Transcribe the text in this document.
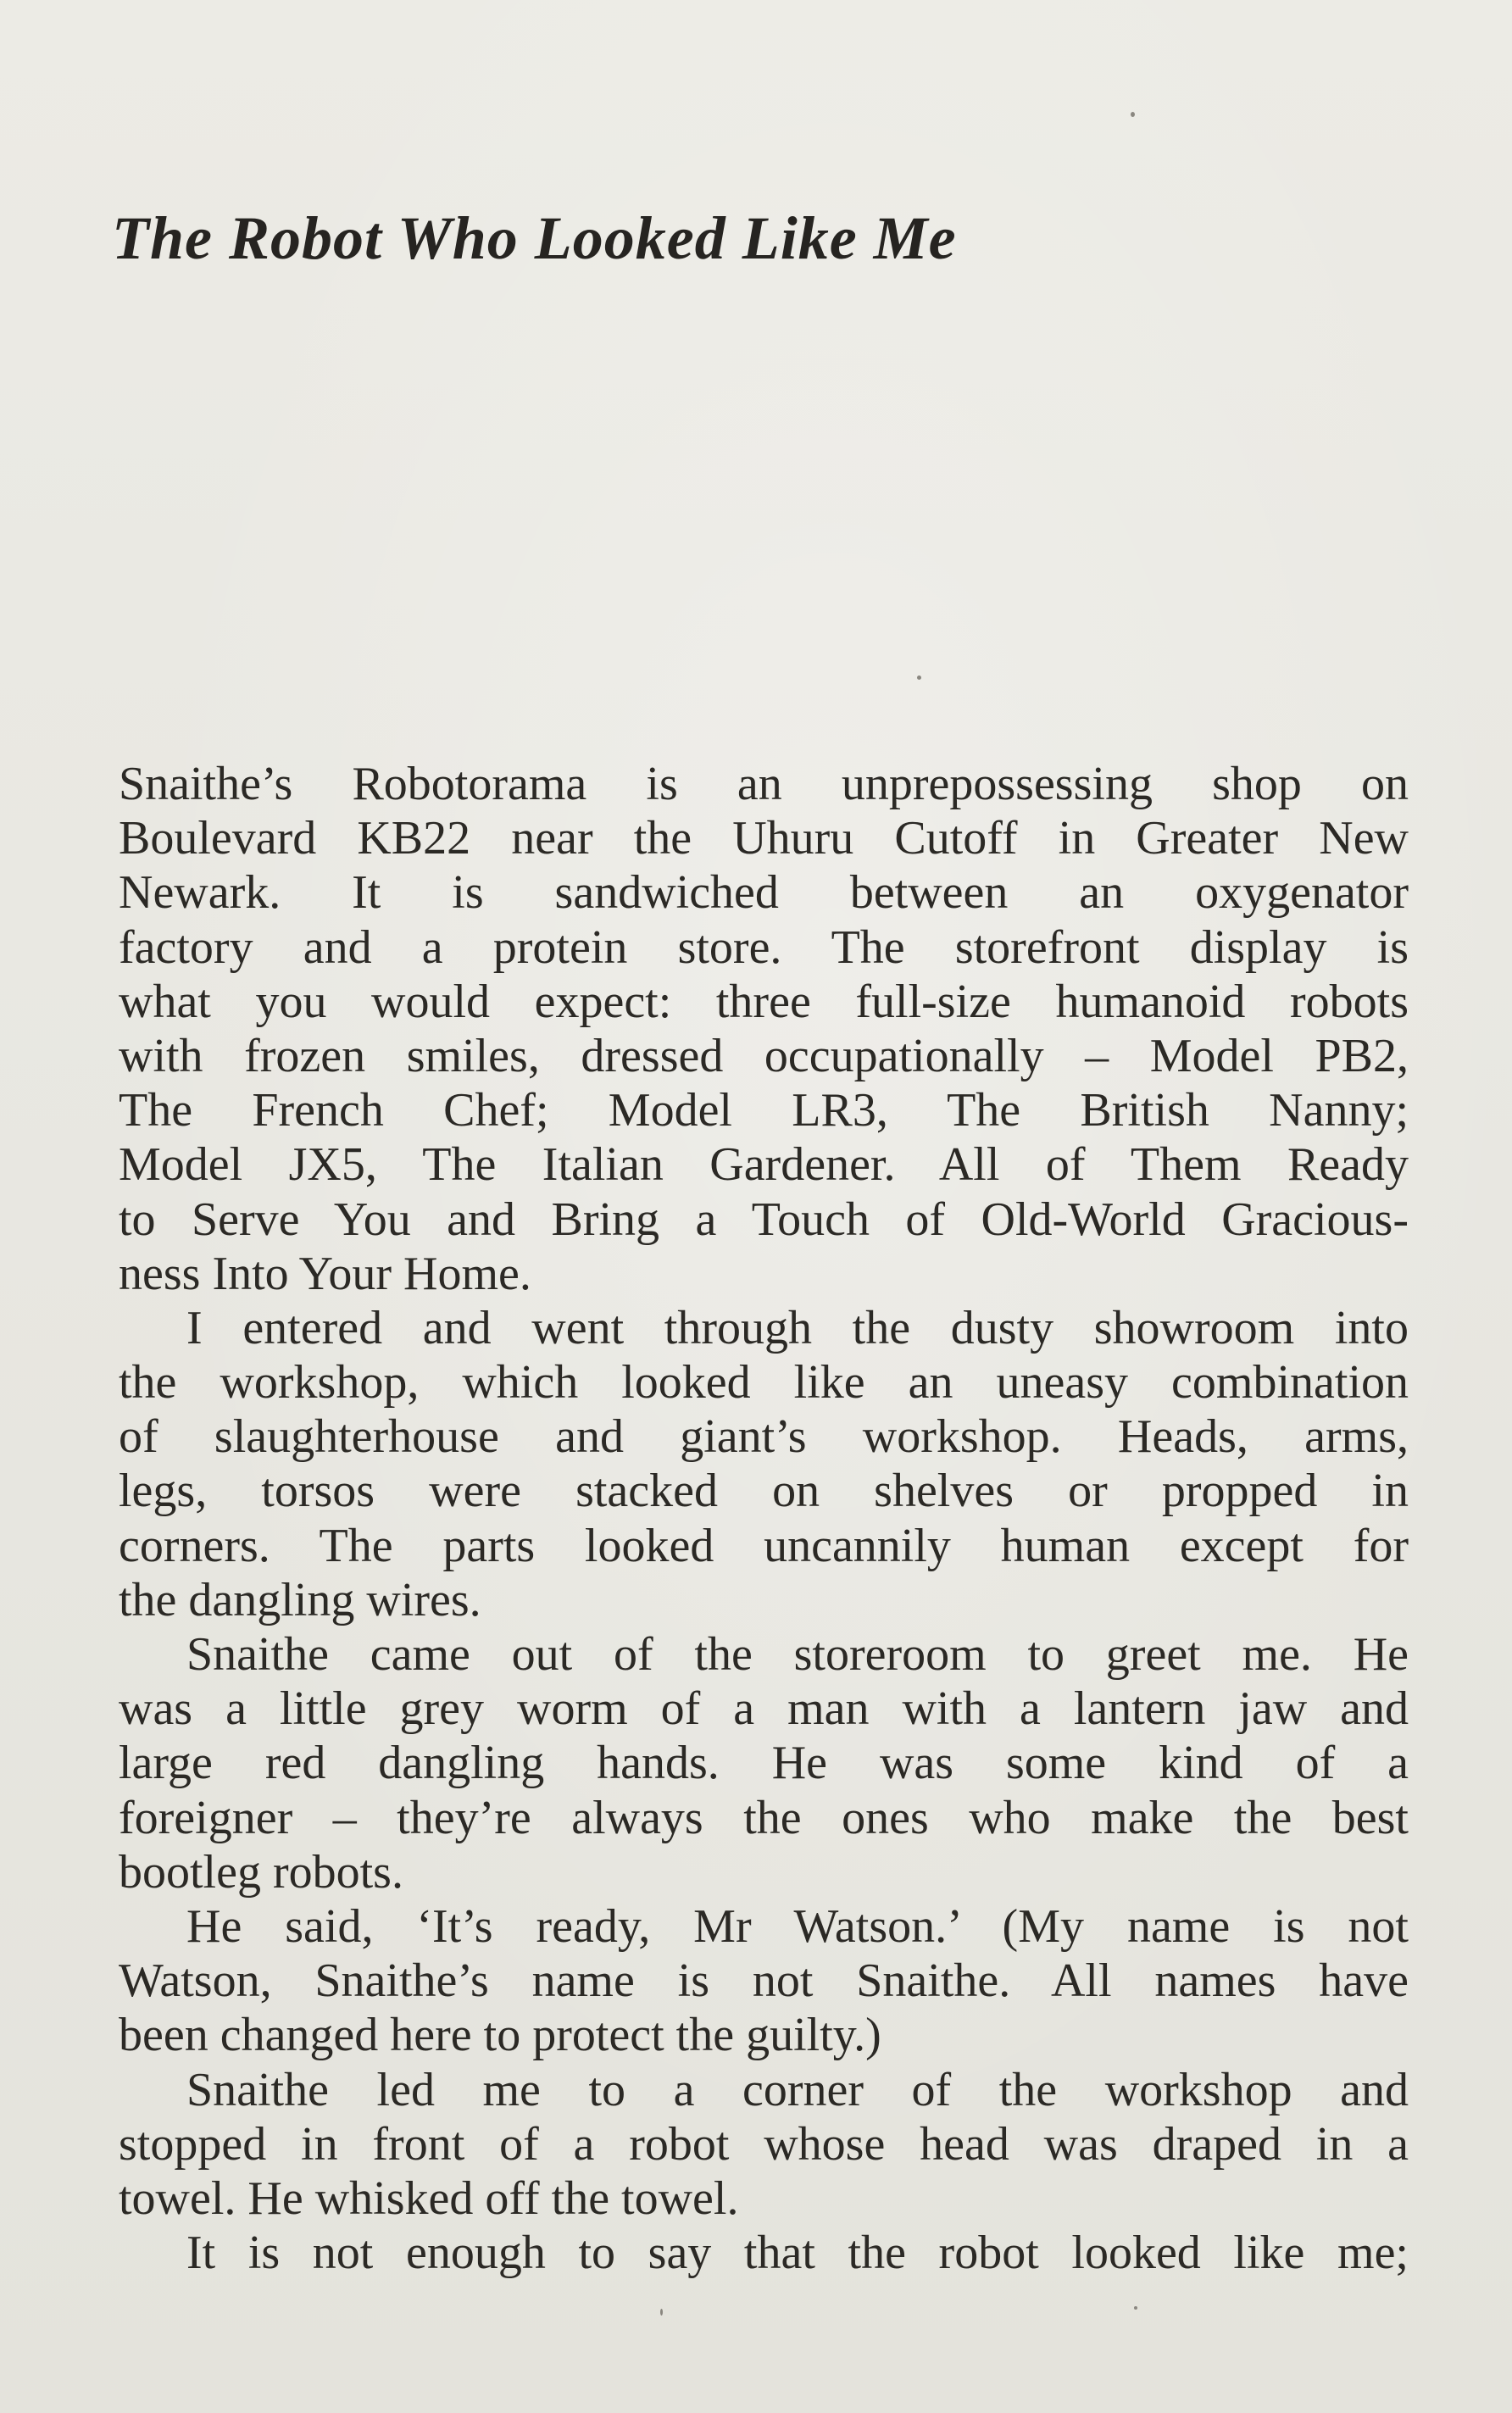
The Robot Who Looked Like Me
Snaithe’s Robotorama is an unprepossessing shop on
Boulevard KB22 near the Uhuru Cutoff in Greater New
Newark. It is sandwiched between an oxygenator
factory and a protein store. The storefront display is
what you would expect: three full-size humanoid robots
with frozen smiles, dressed occupationally – Model PB2,
The French Chef; Model LR3, The British Nanny;
Model JX5, The Italian Gardener. All of Them Ready
to Serve You and Bring a Touch of Old-World Gracious-
ness Into Your Home.
I entered and went through the dusty showroom into
the workshop, which looked like an uneasy combination
of slaughterhouse and giant’s workshop. Heads, arms,
legs, torsos were stacked on shelves or propped in
corners. The parts looked uncannily human except for
the dangling wires.
Snaithe came out of the storeroom to greet me. He
was a little grey worm of a man with a lantern jaw and
large red dangling hands. He was some kind of a
foreigner – they’re always the ones who make the best
bootleg robots.
He said, ‘It’s ready, Mr Watson.’ (My name is not
Watson, Snaithe’s name is not Snaithe. All names have
been changed here to protect the guilty.)
Snaithe led me to a corner of the workshop and
stopped in front of a robot whose head was draped in a
towel. He whisked off the towel.
It is not enough to say that the robot looked like me;
